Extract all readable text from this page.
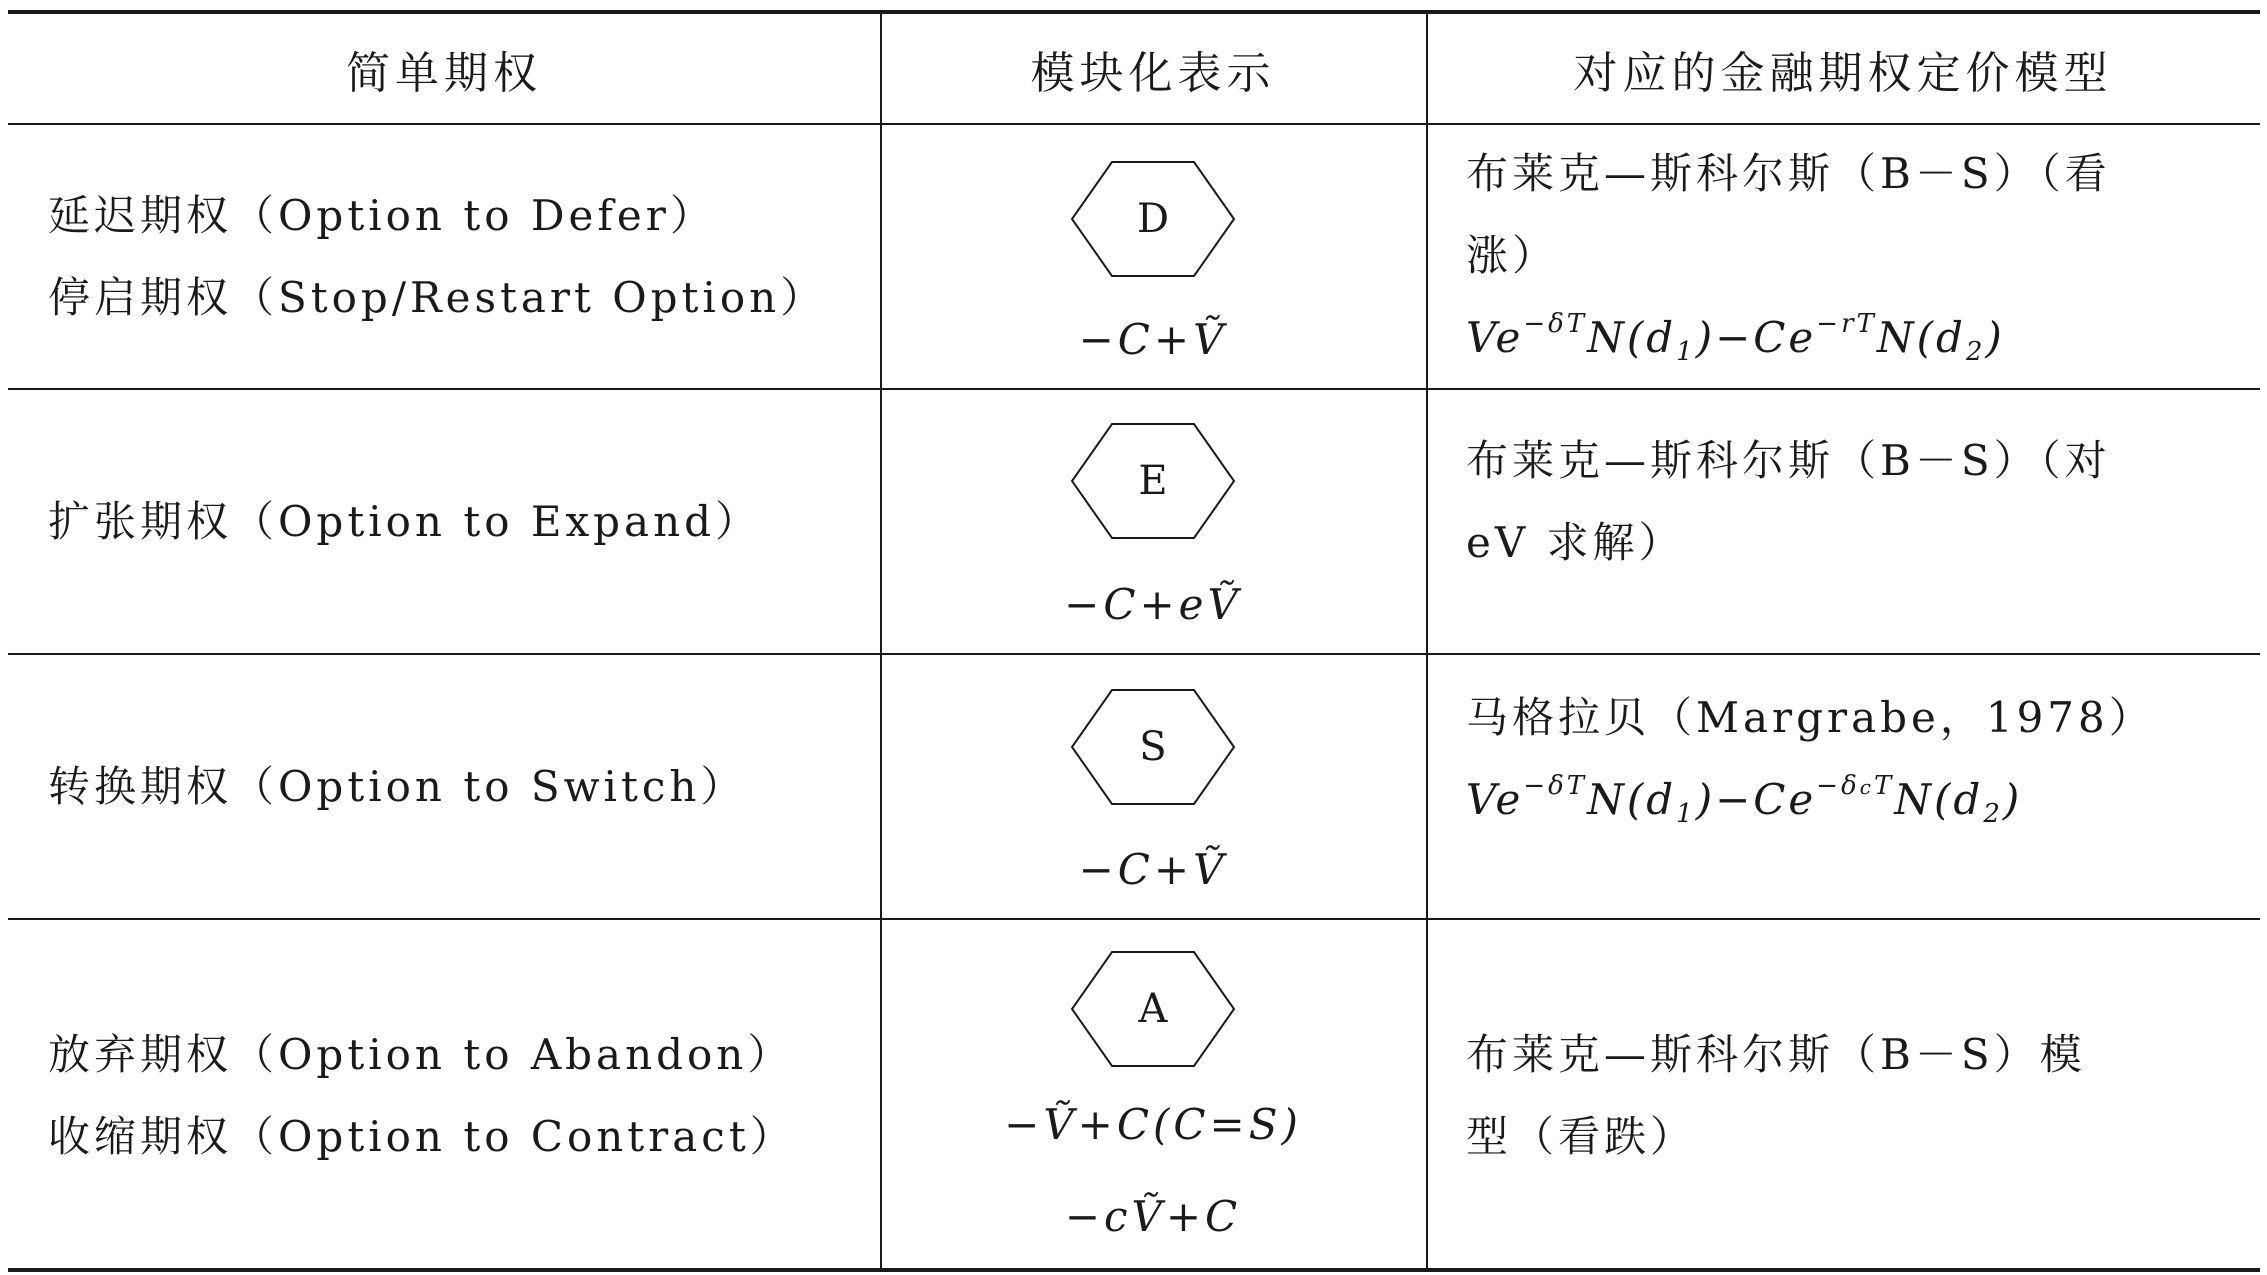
简单期权	模块化表示	对应的金融期权定价模型
延迟期权（Option to Defer）
停启期权（Stop/Restart Option）
D
−C+Ṽ
布莱克—斯科尔斯（B－S）（看
涨）
$Ve^{-\delta T}N(d_1)-Ce^{-rT}N(d_2)$
扩张期权（Option to Expand）
E
−C+eṼ
布莱克—斯科尔斯（B－S）（对
eV 求解）
转换期权（Option to Switch）
S
−C+Ṽ
马格拉贝（Margrabe，1978）
$Ve^{-\delta T}N(d_1)-Ce^{-\delta cT}N(d_2)$
放弃期权（Option to Abandon）
收缩期权（Option to Contract）
A
−Ṽ+C(C=S)
−cṼ+C
布莱克—斯科尔斯（B－S）模
型（看跌）
